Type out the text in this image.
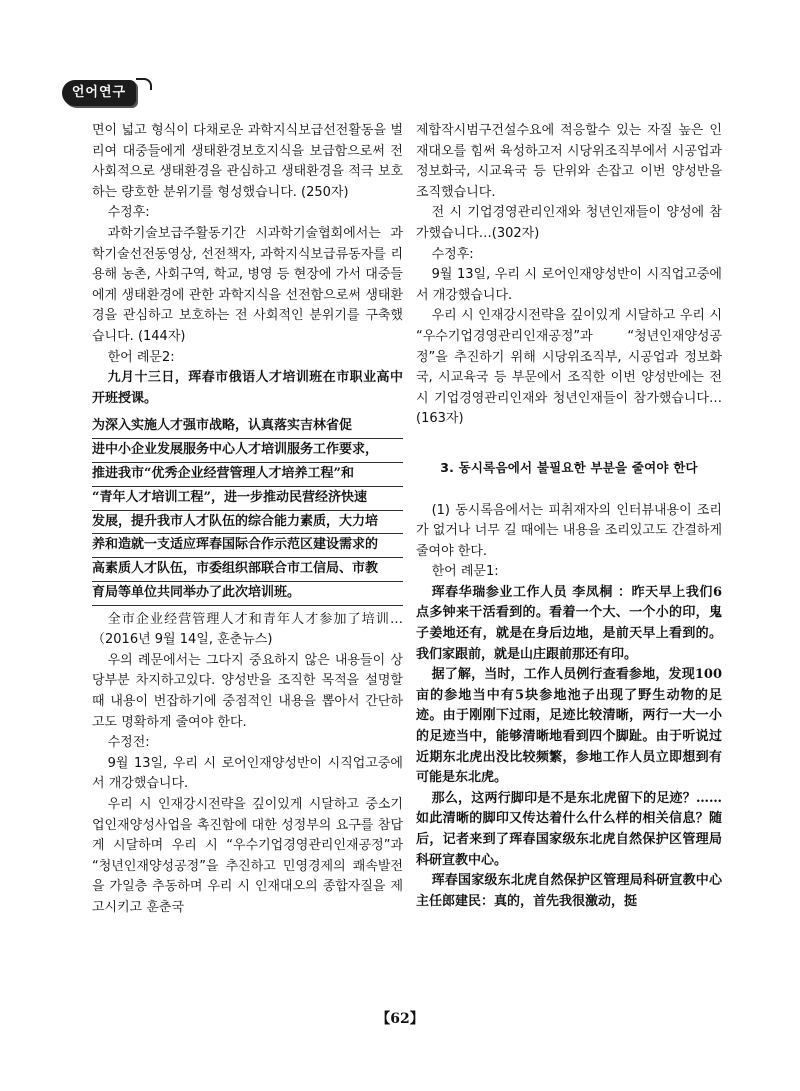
언어연구

면이 넓고 형식이 다채로운 과학지식보급선전활동을 벌리여 대중들에게 생태환경보호지식을 보급함으로써 전 사회적으로 생태환경을 관심하고 생태환경을 적극 보호하는 량호한 분위기를 형성했습니다. (250자)

수정후:

과학기술보급주활동기간 시과학기술협회에서는 과학기술선전동영상, 선전책자, 과학지식보급류동자를 리용해 농촌, 사회구역, 학교, 병영 등 현장에 가서 대중들에게 생태환경에 관한 과학지식을 선전함으로써 생태환경을 관심하고 보호하는 전 사회적인 분위기를 구축했습니다. (144자)

한어 례문2:

九月十三日，珲春市俄语人才培训班在市职业高中开班授课。

为深入实施人才强市战略，认真落实吉林省促
进中小企业发展服务中心人才培训服务工作要求，
推进我市“优秀企业经营管理人才培养工程”和
“青年人才培训工程”，进一步推动民营经济快速
发展，提升我市人才队伍的综合能力素质，大力培
养和造就一支适应珲春国际合作示范区建设需求的
高素质人才队伍，市委组织部联合市工信局、市教
育局等单位共同举办了此次培训班。

全市企业经营管理人才和青年人才参加了培训…（2016년 9월 14일, 훈춘뉴스)

우의 례문에서는 그다지 중요하지 않은 내용들이 상당부분 차지하고있다. 양성반을 조직한 목적을 설명할 때 내용이 번잡하기에 중점적인 내용을 뽑아서 간단하고도 명확하게 줄여야 한다.

수정전:

9월 13일, 우리 시 로어인재양성반이 시직업고중에서 개강했습니다.

우리 시 인재강시전략을 깊이있게 시달하고 중소기업인재양성사업을 촉진함에 대한 성정부의 요구를 참답게 시달하며 우리 시 “우수기업경영관리인재공정”과 “청년인재양성공정”을 추진하고 민영경제의 쾌속발전을 가일층 추동하며 우리 시 인재대오의 종합자질을 제고시키고 훈춘국

제합작시범구건설수요에 적응할수 있는 자질 높은 인재대오를 힘써 육성하고저 시당위조직부에서 시공업과 정보화국, 시교육국 등 단위와 손잡고 이번 양성반을 조직했습니다.

전 시 기업경영관리인재와 청년인재들이 양성에 참가했습니다…(302자)

수정후:

9월 13일, 우리 시 로어인재양성반이 시직업고중에서 개강했습니다.

우리 시 인재강시전략을 깊이있게 시달하고 우리 시 “우수기업경영관리인재공정”과 “청년인재양성공정”을 추진하기 위해 시당위조직부, 시공업과 정보화국, 시교육국 등 부문에서 조직한 이번 양성반에는 전 시 기업경영관리인재와 청년인재들이 참가했습니다…(163자)

3. 동시록음에서 불필요한 부분을 줄여야 한다

(1) 동시록음에서는 피취재자의 인터뷰내용이 조리가 없거나 너무 길 때에는 내용을 조리있고도 간결하게 줄여야 한다.

한어 례문1:

珲春华瑞参业工作人员 李凤桐 ：昨天早上我们6点多钟来干活看到的。看着一个大、一个小的印，鬼子姜地还有，就是在身后边地，是前天早上看到的。我们家跟前，就是山庄跟前那还有印。

据了解，当时，工作人员例行查看参地，发现100亩的参地当中有5块参地池子出现了野生动物的足迹。由于刚刚下过雨，足迹比较清晰，两行一大一小的足迹当中，能够清晰地看到四个脚趾。由于听说过近期东北虎出没比较频繁，参地工作人员立即想到有可能是东北虎。

那么，这两行脚印是不是东北虎留下的足迹？……如此清晰的脚印又传达着什么什么样的相关信息？随后，记者来到了珲春国家级东北虎自然保护区管理局科研宣教中心。

珲春国家级东北虎自然保护区管理局科研宣教中心主任郎建民：真的，首先我很激动，挺

【62】
